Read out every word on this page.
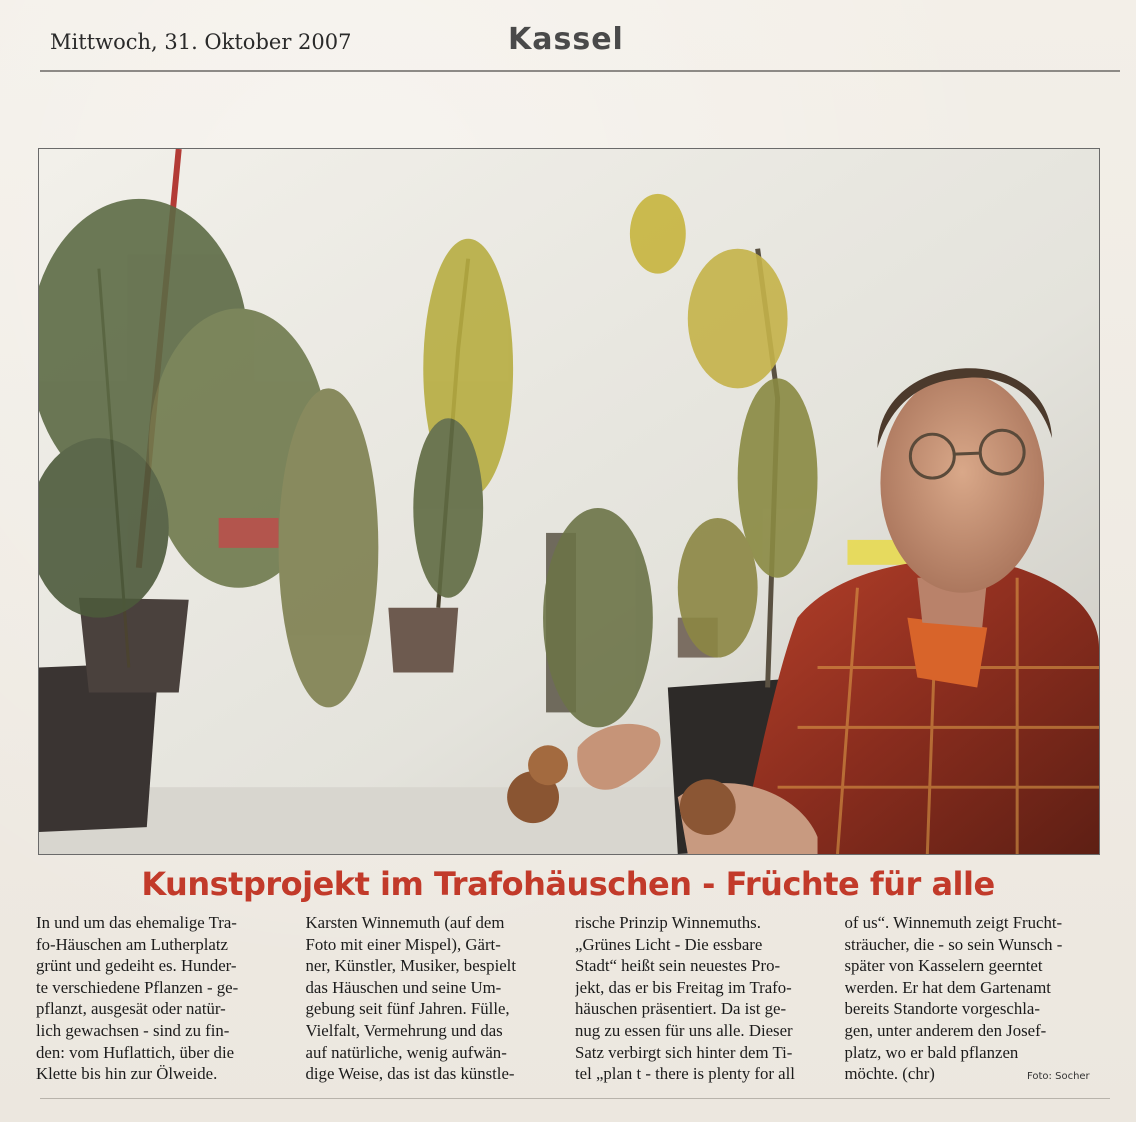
Mittwoch, 31. Oktober 2007	Kassel
Kunstprojekt im Trafohäuschen - Früchte für alle
In und um das ehemalige Tra-
fo-Häuschen am Lutherplatz
grünt und gedeiht es. Hunder-
te verschiedene Pflanzen - ge-
pflanzt, ausgesät oder natür-
lich gewachsen - sind zu fin-
den: vom Huflattich, über die
Klette bis hin zur Ölweide.
Karsten Winnemuth (auf dem
Foto mit einer Mispel), Gärt-
ner, Künstler, Musiker, bespielt
das Häuschen und seine Um-
gebung seit fünf Jahren. Fülle,
Vielfalt, Vermehrung und das
auf natürliche, wenig aufwän-
dige Weise, das ist das künstle-
rische Prinzip Winnemuths.
„Grünes Licht - Die essbare
Stadt“ heißt sein neuestes Pro-
jekt, das er bis Freitag im Trafo-
häuschen präsentiert. Da ist ge-
nug zu essen für uns alle. Dieser
Satz verbirgt sich hinter dem Ti-
tel „plan t - there is plenty for all
of us“. Winnemuth zeigt Frucht-
sträucher, die - so sein Wunsch -
später von Kasselern geerntet
werden. Er hat dem Gartenamt
bereits Standorte vorgeschla-
gen, unter anderem den Josef-
platz, wo er bald pflanzen
möchte. (chr)	Foto: Socher
